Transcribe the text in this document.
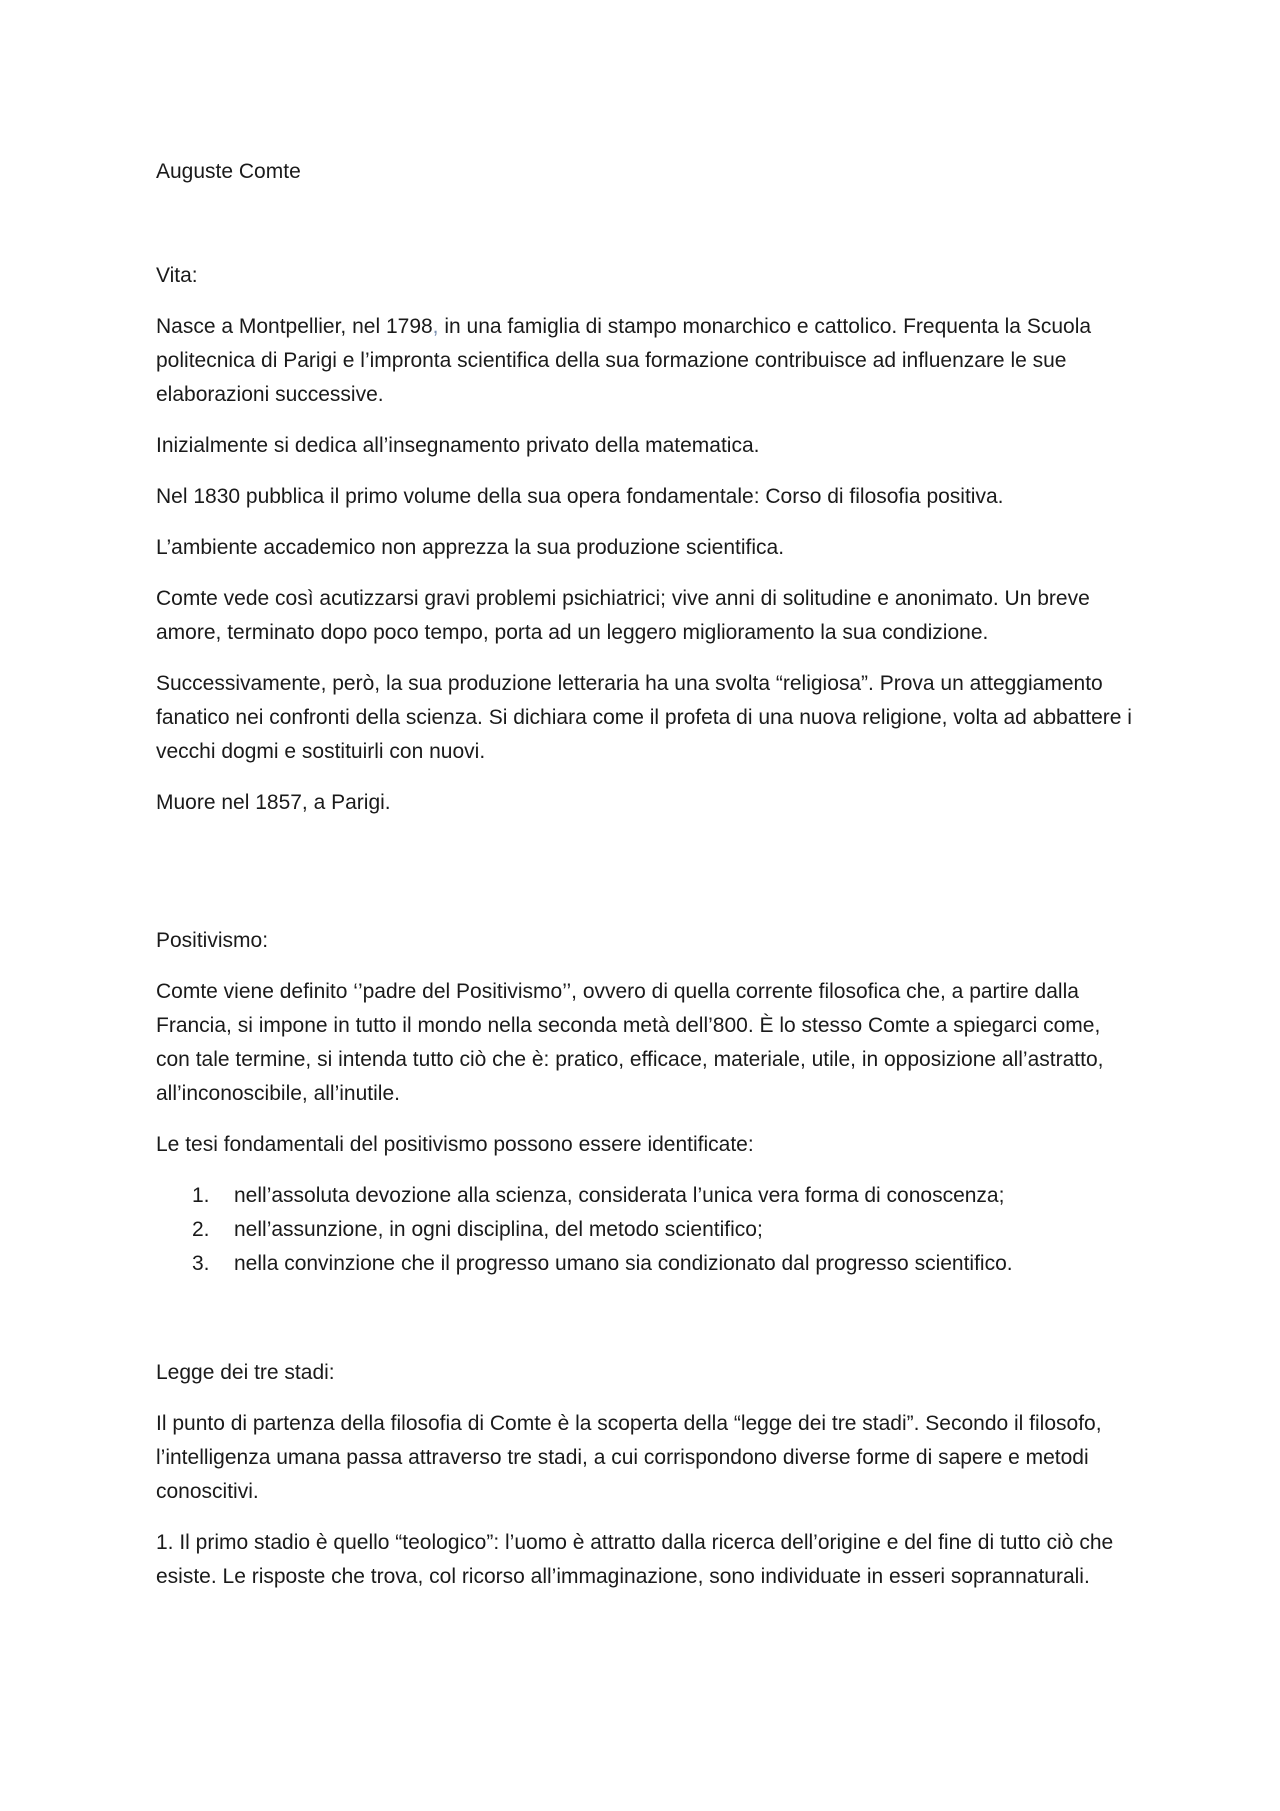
Auguste Comte
Vita:

Nasce a Montpellier, nel 1798, in una famiglia di stampo monarchico e cattolico. Frequenta la Scuola politecnica di Parigi e l’impronta scientifica della sua formazione contribuisce ad influenzare le sue elaborazioni successive.

Inizialmente si dedica all’insegnamento privato della matematica.

Nel 1830 pubblica il primo volume della sua opera fondamentale: Corso di filosofia positiva.

L’ambiente accademico non apprezza la sua produzione scientifica.

Comte vede così acutizzarsi gravi problemi psichiatrici; vive anni di solitudine e anonimato. Un breve amore, terminato dopo poco tempo, porta ad un leggero miglioramento la sua condizione.

Successivamente, però, la sua produzione letteraria ha una svolta “religiosa”. Prova un atteggiamento fanatico nei confronti della scienza. Si dichiara come il profeta di una nuova religione, volta ad abbattere i vecchi dogmi e sostituirli con nuovi.

Muore nel 1857, a Parigi.

Positivismo:

Comte viene definito ‘’padre del Positivismo’’, ovvero di quella corrente filosofica che, a partire dalla Francia, si impone in tutto il mondo nella seconda metà dell’800. È lo stesso Comte a spiegarci come, con tale termine, si intenda tutto ciò che è: pratico, efficace, materiale, utile, in opposizione all’astratto, all’inconoscibile, all’inutile.

Le tesi fondamentali del positivismo possono essere identificate:

1. nell’assoluta devozione alla scienza, considerata l’unica vera forma di conoscenza;
2. nell’assunzione, in ogni disciplina, del metodo scientifico;
3. nella convinzione che il progresso umano sia condizionato dal progresso scientifico.
Legge dei tre stadi:

Il punto di partenza della filosofia di Comte è la scoperta della “legge dei tre stadi”. Secondo il filosofo, l’intelligenza umana passa attraverso tre stadi, a cui corrispondono diverse forme di sapere e metodi conoscitivi.

1. Il primo stadio è quello “teologico”: l’uomo è attratto dalla ricerca dell’origine e del fine di tutto ciò che esiste. Le risposte che trova, col ricorso all’immaginazione, sono individuate in esseri soprannaturali.
